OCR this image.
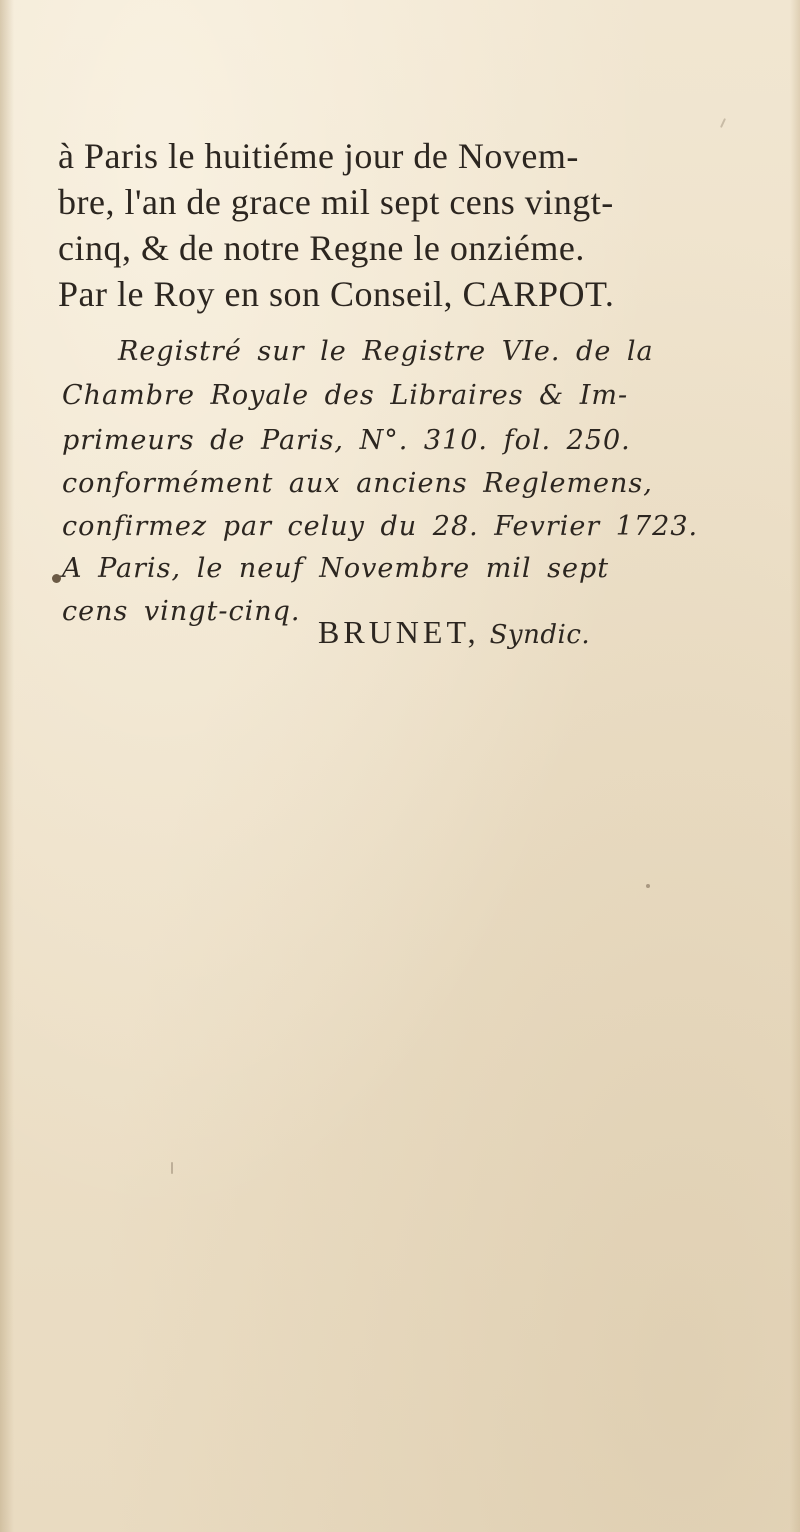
à Paris le huitiéme jour de Novem-
bre, l'an de grace mil sept cens vingt-
cinq, & de notre Regne le onziéme.
Par le Roy en son Conseil, CARPOT.
Registré sur le Registre VIe. de la
Chambre Royale des Libraires & Im-
primeurs de Paris, N°. 310. fol. 250.
conformément aux anciens Reglemens,
confirmez par celuy du 28. Fevrier 1723.
A Paris, le neuf Novembre mil sept
cens vingt-cinq.
BRUNET, Syndic.
